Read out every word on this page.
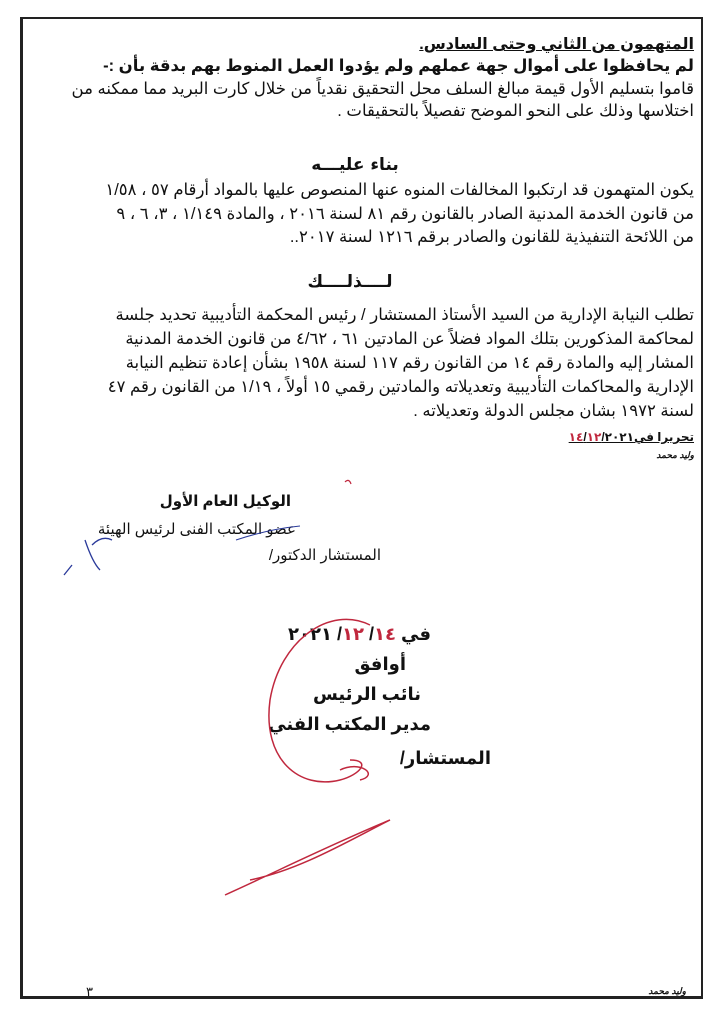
المتهمون من الثاني وحتى السادس.
لم يحافظوا على أموال جهة عملهم ولم يؤدوا العمل المنوط بهم بدقة بأن :-
قاموا بتسليم الأول قيمة مبالغ السلف محل التحقيق نقدياً من خلال كارت البريد مما ممكنه من
اختلاسها وذلك على النحو الموضح تفصيلاً بالتحقيقات .
بناء عليـــه
يكون المتهمون قد ارتكبوا المخالفات المنوه عنها المنصوص عليها بالمواد أرقام ٥٧ ، ١/٥٨
من قانون الخدمة المدنية الصادر بالقانون رقم ٨١ لسنة ٢٠١٦ ، والمادة ١/١٤٩ ، ٣، ٦ ، ٩
من اللائحة التنفيذية للقانون والصادر برقم ١٢١٦ لسنة ٢٠١٧..
لــــذلــــك
تطلب النيابة الإدارية من السيد الأستاذ المستشار / رئيس المحكمة التأديبية تحديد جلسة
لمحاكمة المذكورين بتلك المواد فضلاً عن المادتين ٦١ ، ٤/٦٢ من قانون الخدمة المدنية
المشار إليه والمادة رقم ١٤ من القانون رقم ١١٧ لسنة ١٩٥٨ بشأن إعادة تنظيم النيابة
الإدارية والمحاكمات التأديبية وتعديلاته والمادتين رقمي ١٥ أولاً ، ١/١٩ من القانون رقم ٤٧
لسنة ١٩٧٢ بشان مجلس الدولة وتعديلاته .
تحريرا في١٤/١٢/٢٠٢١
وليد محمد
الوكيل العام الأول
عضو المكتب الفنى لرئيس الهيئة
المستشار الدكتور/
في ١٤/ ١٢/ ٢٠٢١
أوافق
نائب الرئيس
مدير المكتب الفني
المستشار/
٣	وليد محمد
